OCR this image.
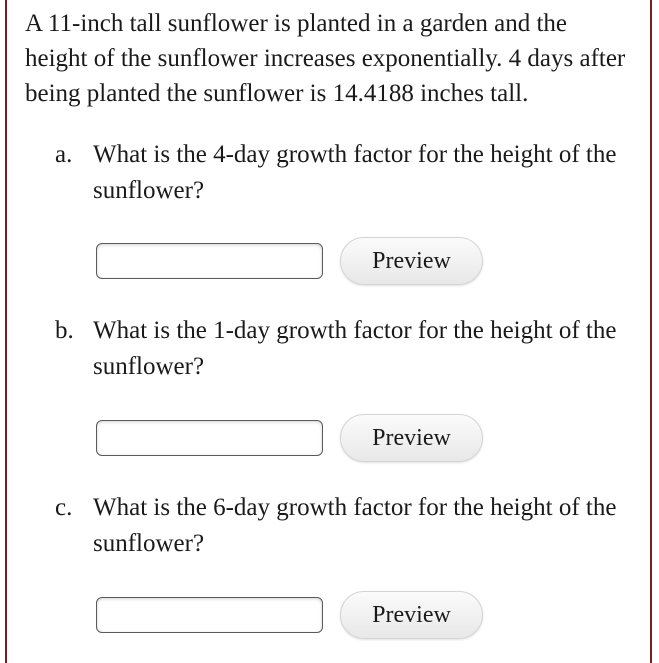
A 11-inch tall sunflower is planted in a garden and the height of the sunflower increases exponentially. 4 days after being planted the sunflower is 14.4188 inches tall.

a. What is the 4-day growth factor for the height of the sunflower?
Preview
b. What is the 1-day growth factor for the height of the sunflower?
Preview
c. What is the 6-day growth factor for the height of the sunflower?
Preview
